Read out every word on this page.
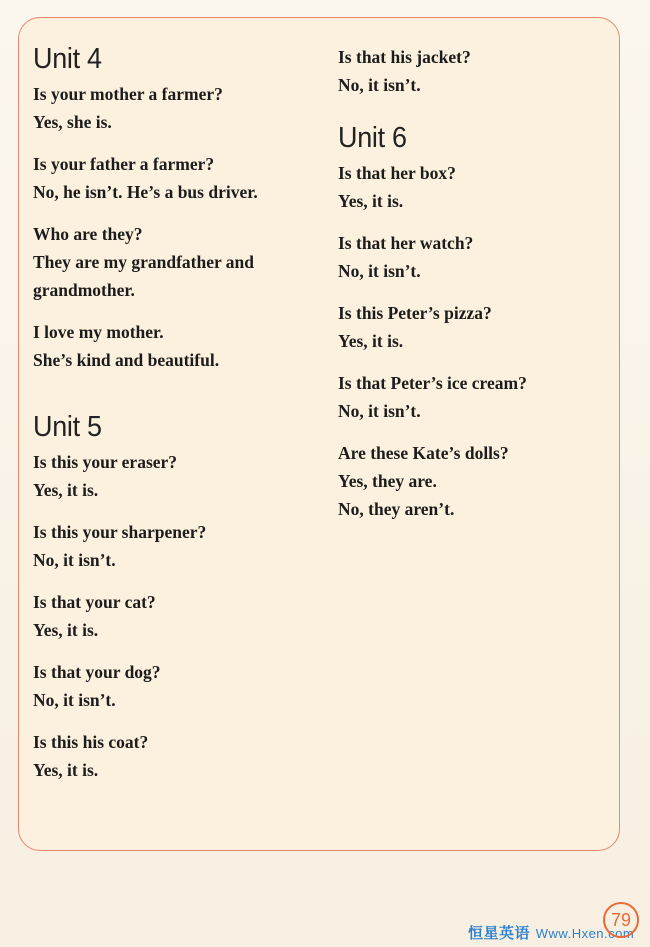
Unit 4

Is your mother a farmer?

Yes, she is.

Is your father a farmer?

No, he isn’t. He’s a bus driver.

Who are they?

They are my grandfather and

grandmother.

I love my mother.

She’s kind and beautiful.

Unit 5

Is this your eraser?

Yes, it is.

Is this your sharpener?

No, it isn’t.

Is that your cat?

Yes, it is.

Is that your dog?

No, it isn’t.

Is this his coat?

Yes, it is.

Is that his jacket?

No, it isn’t.

Unit 6

Is that her box?

Yes, it is.

Is that her watch?

No, it isn’t.

Is this Peter’s pizza?

Yes, it is.

Is that Peter’s ice cream?

No, it isn’t.

Are these Kate’s dolls?

Yes, they are.

No, they aren’t.

恒星英语 Www.Hxen.com
79
